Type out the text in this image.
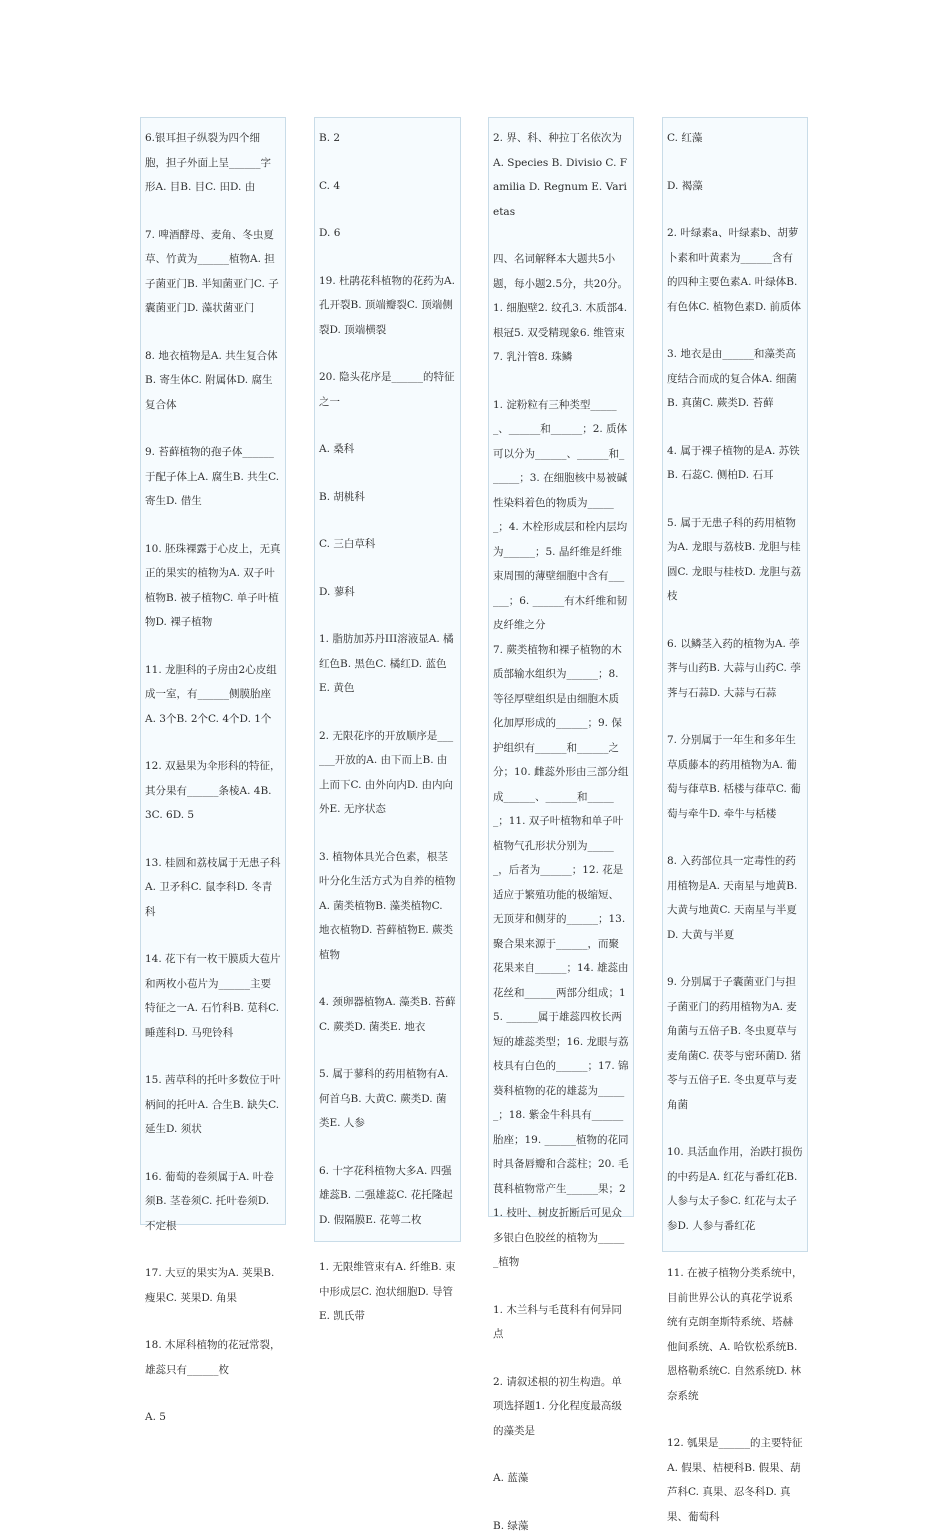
6.银耳担子纵裂为四个细胞，担子外面上呈______字形A. 目B. 目C. 田D. 由
7. 啤酒酵母、麦角、冬虫夏草、竹黄为______植物A. 担子菌亚门B. 半知菌亚门C. 子囊菌亚门D. 藻状菌亚门
8. 地衣植物是A. 共生复合体B. 寄生体C. 附属体D. 腐生复合体
9. 苔藓植物的孢子体______于配子体上A. 腐生B. 共生C. 寄生D. 借生
10. 胚珠裸露于心皮上，无真正的果实的植物为A. 双子叶植物B. 被子植物C. 单子叶植物D. 裸子植物
11. 龙胆科的子房由2心皮组成一室，有______侧膜胎座A. 3个B. 2个C. 4个D. 1个
12. 双悬果为伞形科的特征，其分果有______条棱A. 4B. 3C. 6D. 5
13. 桂圆和荔枝属于无患子科A. 卫矛科C. 鼠李科D. 冬青科
14. 花下有一枚干膜质大苞片和两枚小苞片为______主要特征之一A. 石竹科B. 苋科C. 睡莲科D. 马兜铃科
15. 茜草科的托叶多数位于叶柄间的托叶A. 合生B. 缺失C. 延生D. 须状
16. 葡萄的卷须属于A. 叶卷须B. 茎卷须C. 托叶卷须D. 不定根
17. 大豆的果实为A. 荚果B. 瘦果C. 荚果D. 角果
18. 木犀科植物的花冠常裂，雄蕊只有______枚
A. 5
B. 2
C. 4
D. 6
19. 杜鹃花科植物的花药为A. 孔开裂B. 顶端瓣裂C. 顶端侧裂D. 顶端横裂
20. 隐头花序是______的特征之一
A. 桑科
B. 胡桃科
C. 三白草科
D. 蓼科
1. 脂肪加苏丹III溶液显A. 橘红色B. 黑色C. 橘红D. 蓝色E. 黄色
2. 无限花序的开放顺序是______开放的A. 由下而上B. 由上而下C. 由外向内D. 由内向外E. 无序状态
3. 植物体具光合色素，根茎叶分化生活方式为自养的植物A. 菌类植物B. 藻类植物C. 地衣植物D. 苔藓植物E. 蕨类植物
4. 颈卵器植物A. 藻类B. 苔藓C. 蕨类D. 菌类E. 地衣
5. 属于蓼科的药用植物有A. 何首乌B. 大黄C. 蕨类D. 菌类E. 人参
6. 十字花科植物大多A. 四强雄蕊B. 二强雄蕊C. 花托隆起D. 假隔膜E. 花萼二枚
1. 无限维管束有A. 纤维B. 束中形成层C. 泡状细胞D. 导管E. 凯氏带
2. 界、科、种拉丁名依次为A. Species B. Divisio C. Familia D. Regnum E. Varietas
四、名词解释本大题共5小题，每小题2.5分，共20分。1. 细胞壁2. 纹孔3. 木质部4. 根冠5. 双受精现象6. 维管束7. 乳汁管8. 珠鳞
1. 淀粉粒有三种类型______、______和______；2. 质体可以分为______、______和______；3. 在细胞核中易被碱性染料着色的物质为______；4. 木栓形成层和栓内层均为______；5. 晶纤维是纤维束周围的薄壁细胞中含有______；6. ______有木纤维和韧皮纤维之分
7. 蕨类植物和裸子植物的木质部输水组织为______；8. 等径厚壁组织是由细胞木质化加厚形成的______；9. 保护组织有______和______之分；10. 雌蕊外形由三部分组成______、______和______；11. 双子叶植物和单子叶植物气孔形状分别为______，后者为______；12. 花是适应于繁殖功能的极缩短、无顶芽和侧芽的______；13. 聚合果来源于______，而聚花果来自______；14. 雄蕊由花丝和______两部分组成；15. ______属于雄蕊四枚长两短的雄蕊类型；16. 龙眼与荔枝具有白色的______；17. 锦葵科植物的花的雄蕊为______；18. 紫金牛科具有______胎座；19. ______植物的花同时具备唇瓣和合蕊柱；20. 毛茛科植物常产生______果；21. 枝叶、树皮折断后可见众多银白色胶丝的植物为______植物
1. 木兰科与毛茛科有何异同点
2. 请叙述根的初生构造。单项选择题1. 分化程度最高级的藻类是
A. 蓝藻
B. 绿藻
C. 红藻
D. 褐藻
2. 叶绿素a、叶绿素b、胡萝卜素和叶黄素为______含有的四种主要色素A. 叶绿体B. 有色体C. 植物色素D. 前质体
3. 地衣是由______和藻类高度结合而成的复合体A. 细菌B. 真菌C. 蕨类D. 苔藓
4. 属于裸子植物的是A. 苏铁B. 石蕊C. 侧柏D. 石耳
5. 属于无患子科的药用植物为A. 龙眼与荔枝B. 龙胆与桂圆C. 龙眼与桂枝D. 龙胆与荔枝
6. 以鳞茎入药的植物为A. 荸荠与山药B. 大蒜与山药C. 荸荠与石蒜D. 大蒜与石蒜
7. 分别属于一年生和多年生草质藤本的药用植物为A. 葡萄与葎草B. 栝楼与葎草C. 葡萄与牵牛D. 牵牛与栝楼
8. 入药部位具一定毒性的药用植物是A. 天南星与地黄B. 大黄与地黄C. 天南星与半夏D. 大黄与半夏
9. 分别属于子囊菌亚门与担子菌亚门的药用植物为A. 麦角菌与五倍子B. 冬虫夏草与麦角菌C. 茯苓与密环菌D. 猪苓与五倍子E. 冬虫夏草与麦角菌
10. 具活血作用，治跌打损伤的中药是A. 红花与番红花B. 人参与太子参C. 红花与太子参D. 人参与番红花
11. 在被子植物分类系统中，目前世界公认的真花学说系统有克朗奎斯特系统、塔赫他间系统、A. 哈钦松系统B. 恩格勒系统C. 自然系统D. 林奈系统
12. 瓠果是______的主要特征A. 假果、桔梗科B. 假果、葫芦科C. 真果、忍冬科D. 真果、葡萄科
